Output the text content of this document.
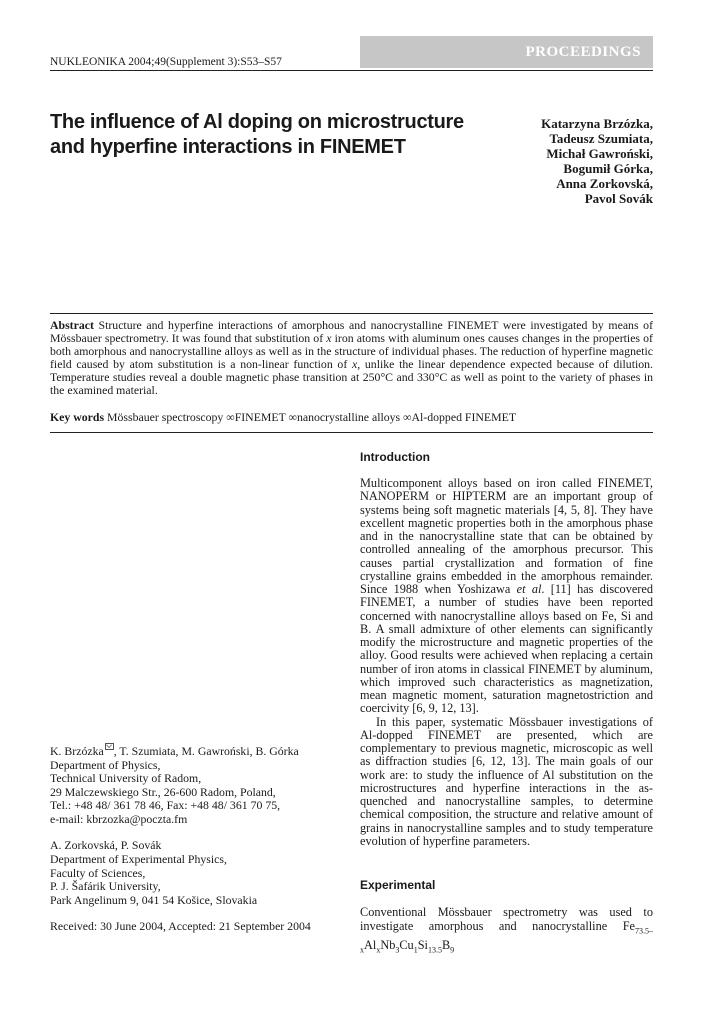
PROCEEDINGS
NUKLEONIKA 2004;49(Supplement 3):S53–S57
The influence of Al doping on microstructure and hyperfine interactions in FINEMET
Katarzyna Brzózka,
Tadeusz Szumiata,
Michał Gawroński,
Bogumił Górka,
Anna Zorkovská,
Pavol Sovák
Abstract Structure and hyperfine interactions of amorphous and nanocrystalline FINEMET were investigated by means of Mössbauer spectrometry. It was found that substitution of x iron atoms with aluminum ones causes changes in the properties of both amorphous and nanocrystalline alloys as well as in the structure of individual phases. The reduction of hyperfine magnetic field caused by atom substitution is a non-linear function of x, unlike the linear dependence expected because of dilution. Temperature studies reveal a double magnetic phase transition at 250°C and 330°C as well as point to the variety of phases in the examined material.
Key words Mössbauer spectroscopy ∞FINEMET ∞nanocrystalline alloys ∞Al-dopped FINEMET
Introduction

Multicomponent alloys based on iron called FINEMET, NANOPERM or HIPTERM are an important group of systems being soft magnetic materials [4, 5, 8]. They have excellent magnetic properties both in the amorphous phase and in the nanocrystalline state that can be obtained by controlled annealing of the amorphous precursor. This causes partial crystallization and formation of fine crystalline grains embedded in the amorphous remainder. Since 1988 when Yoshizawa et al. [11] has discovered FINEMET, a number of studies have been reported concerned with nanocrystalline alloys based on Fe, Si and B. A small admixture of other elements can significantly modify the microstructure and magnetic properties of the alloy. Good results were achieved when replacing a certain number of iron atoms in classical FINEMET by aluminum, which improved such characteristics as magnetization, mean magnetic moment, saturation magnetostriction and coercivity [6, 9, 12, 13].

In this paper, systematic Mössbauer investigations of Al-dopped FINEMET are presented, which are complementary to previous magnetic, microscopic as well as diffraction studies [6, 12, 13]. The main goals of our work are: to study the influence of Al substitution on the microstructures and hyperfine interactions in the as-quenched and nanocrystalline samples, to determine chemical composition, the structure and relative amount of grains in nanocrystalline samples and to study temperature evolution of hyperfine parameters.

Experimental
Conventional Mössbauer spectrometry was used to investigate amorphous and nanocrystalline $Fe_{73.5-x}Al_xNb_3Cu_1Si_{13.5}B_9$
K. Brzózka , T. Szumiata, M. Gawroński, B. Górka
Department of Physics,
Technical University of Radom,
29 Malczewskiego Str., 26-600 Radom, Poland,
Tel.: +48 48/ 361 78 46, Fax: +48 48/ 361 70 75,
e-mail: kbrzozka@poczta.fm
A. Zorkovská, P. Sovák
Department of Experimental Physics,
Faculty of Sciences,
P. J. Šafárik University,
Park Angelinum 9, 041 54 Košice, Slovakia
Received: 30 June 2004, Accepted: 21 September 2004
